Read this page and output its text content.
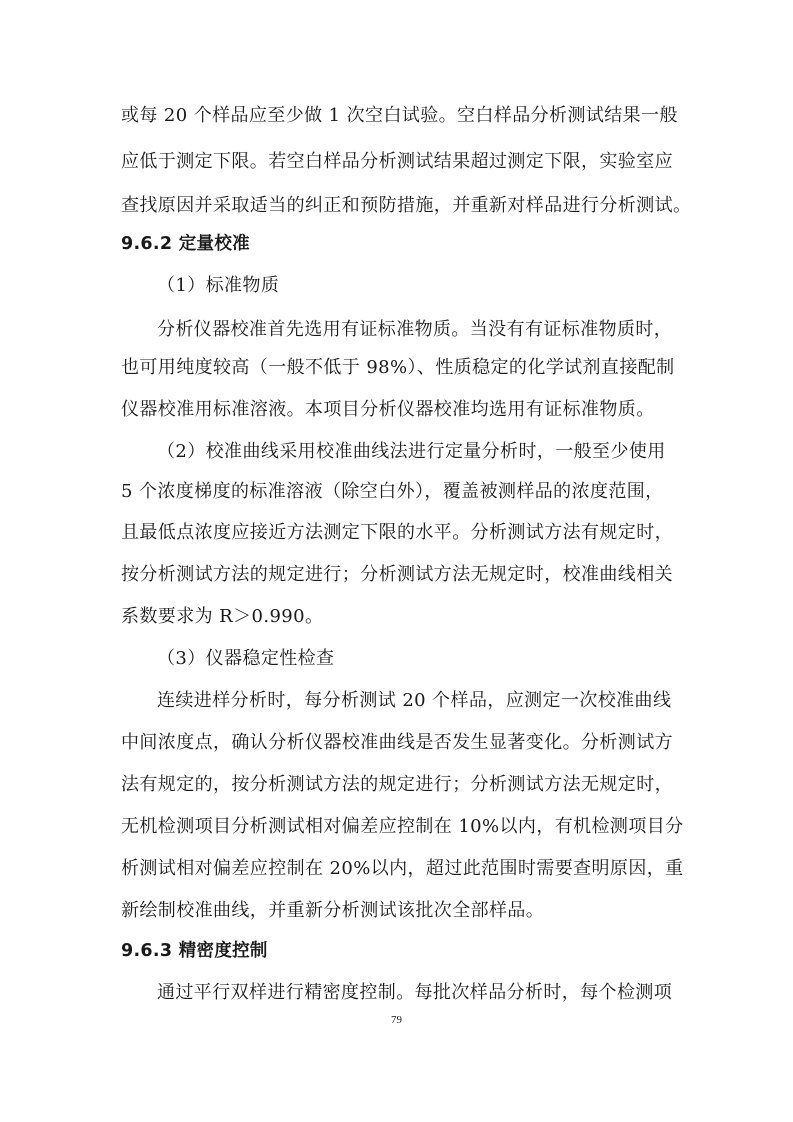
或每 20 个样品应至少做 1 次空白试验。空白样品分析测试结果一般
应低于测定下限。若空白样品分析测试结果超过测定下限，实验室应
查找原因并采取适当的纠正和预防措施，并重新对样品进行分析测试。
9.6.2 定量校准
（1）标准物质
分析仪器校准首先选用有证标准物质。当没有有证标准物质时，
也可用纯度较高（一般不低于 98%）、性质稳定的化学试剂直接配制
仪器校准用标准溶液。本项目分析仪器校准均选用有证标准物质。
（2）校准曲线采用校准曲线法进行定量分析时，一般至少使用
5 个浓度梯度的标准溶液（除空白外），覆盖被测样品的浓度范围，
且最低点浓度应接近方法测定下限的水平。分析测试方法有规定时，
按分析测试方法的规定进行；分析测试方法无规定时，校准曲线相关
系数要求为 R＞0.990。
（3）仪器稳定性检查
连续进样分析时，每分析测试 20 个样品，应测定一次校准曲线
中间浓度点，确认分析仪器校准曲线是否发生显著变化。分析测试方
法有规定的，按分析测试方法的规定进行；分析测试方法无规定时，
无机检测项目分析测试相对偏差应控制在 10%以内，有机检测项目分
析测试相对偏差应控制在 20%以内，超过此范围时需要查明原因，重
新绘制校准曲线，并重新分析测试该批次全部样品。
9.6.3 精密度控制
通过平行双样进行精密度控制。每批次样品分析时，每个检测项
79
